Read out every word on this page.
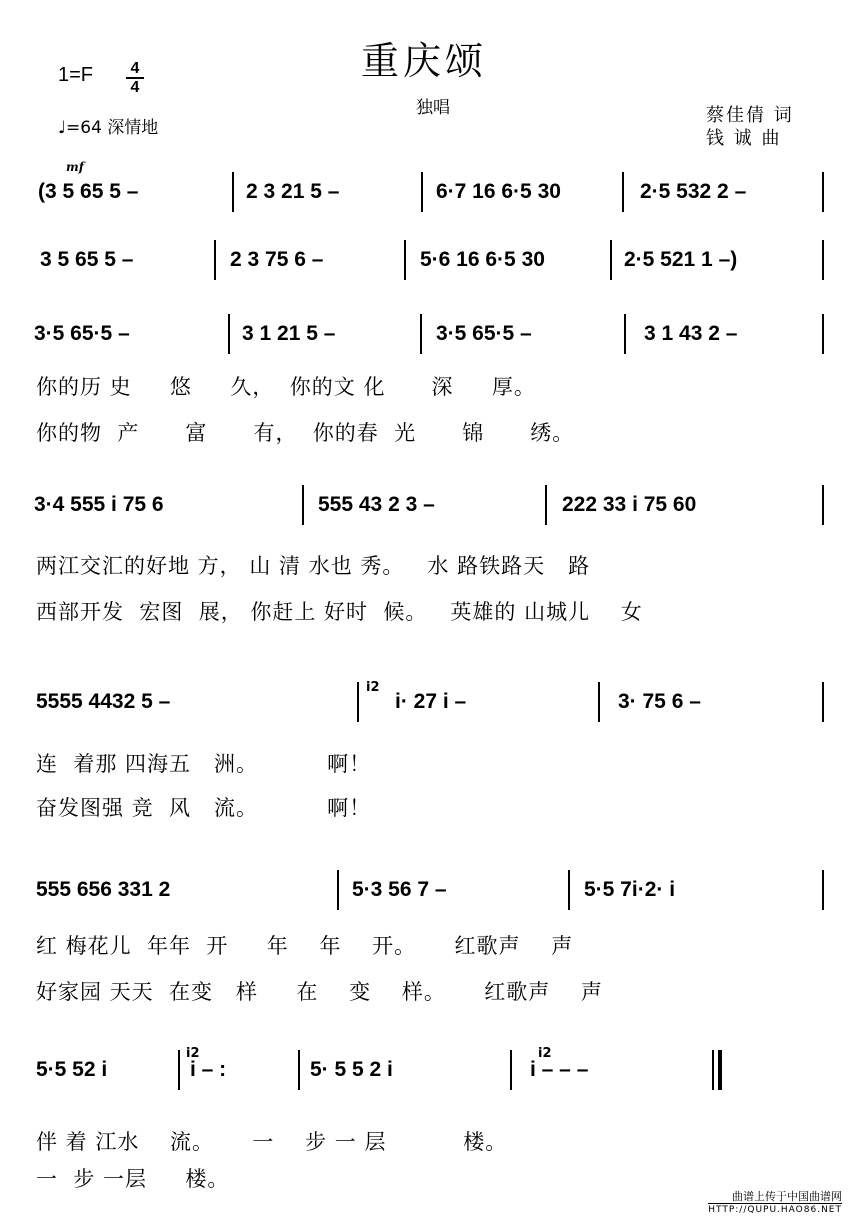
重庆颂
1=F	4
4
♩=64 深情地
独唱	蔡佳倩 词
钱 诚 曲
mf
(3 5 65 5 –	2 3 21 5 –	6·7 16 6·5 30	2·5 532 2 –
3 5 65 5 –	2 3 75 6 –	5·6 16 6·5 30	2·5 521 1 –)
3·5 65·5 –	3 1 21 5 –	3·5 65·5 –	3 1 43 2 –
你的历 史     悠     久，  你的文 化      深     厚。
你的物  产      富      有，  你的春  光      锦      绣。
3·4 555 i 75 6	555 43 2 3 –	222 33 i 75 60
两江交汇的好地 方， 山 清 水也 秀。   水 路铁路天   路
西部开发  宏图  展， 你赶上 好时  候。   英雄的 山城儿    女
5555 4432 5 –	i· 27 i –	3· 75 6 –
连  着那 四海五   洲。         啊！
奋发图强 竞  风   流。         啊！
555 656 331 2	5·3 56 7 –	5·5 7i·2· i
红 梅花儿  年年  开     年    年    开。     红歌声    声
好家园 天天  在变   样     在    变    样。     红歌声    声
5·5 52 i	i – :	5· 5 5 2 i	i – – –
伴 着 江水    流。     一    步 一 层          楼。
一  步 一层     楼。
i2
i2	i2
曲谱上传于中国曲谱网
HTTP://QUPU.HAO86.NET
